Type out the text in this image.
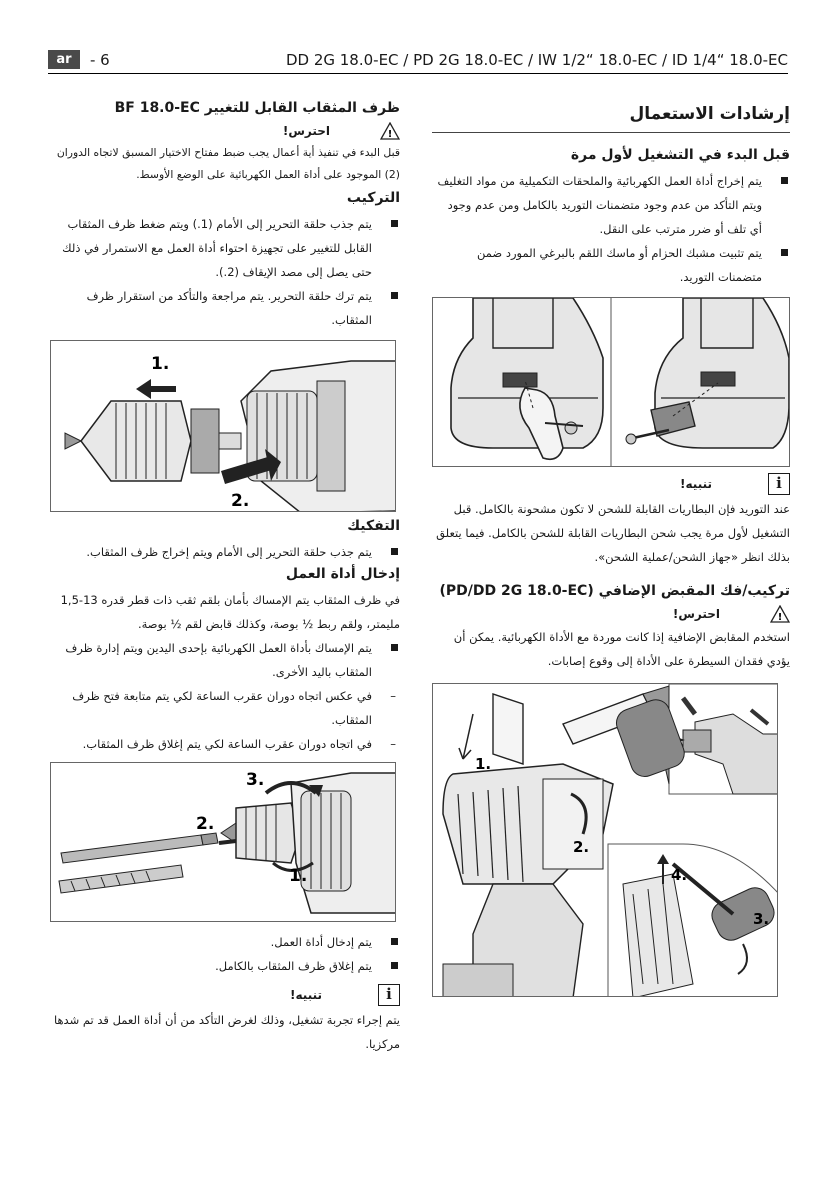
ar	- 6	DD 2G 18.0-EC / PD 2G 18.0-EC / IW 1/2“ 18.0-EC / ID 1/4“ 18.0-EC
إرشادات الاستعمال
قبل البدء في التشغيل لأول مرة
يتم إخراج أداة العمل الكهربائية والملحقات التكميلية من مواد التغليف ويتم التأكد من عدم وجود متضمنات التوريد بالكامل ومن عدم وجود أي تلف أو ضرر مترتب على النقل.
يتم تثبيت مشبك الحزام أو ماسك اللقم بالبرغي المورد ضمن متضمنات التوريد.
i
تنبيه!

عند التوريد فإن البطاريات القابلة للشحن لا تكون مشحونة بالكامل. قبل التشغيل لأول مرة يجب شحن البطاريات القابلة للشحن بالكامل. فيما يتعلق بذلك انظر «جهاز الشحن/عملية الشحن».

تركيب/فك المقبض الإضافي (PD/DD 2G 18.0-EC)
!
احترس!

استخدم المقابض الإضافية إذا كانت موردة مع الأداة الكهربائية. يمكن أن يؤدي فقدان السيطرة على الأداة إلى وقوع إصابات.

1.
2.
3.
4.
ظرف المثقاب القابل للتغيير BF 18.0-EC
!
احترس!

قبل البدء في تنفيذ أية أعمال يجب ضبط مفتاح الاختيار المسبق لاتجاه الدوران (2) الموجود على أداة العمل الكهربائية على الوضع الأوسط.

التركيب
يتم جذب حلقة التحرير إلى الأمام (1.) ويتم ضغط ظرف المثقاب القابل للتغيير على تجهيزة احتواء أداة العمل مع الاستمرار في ذلك حتى يصل إلى مصد الإيقاف (2.).
يتم ترك حلقة التحرير. يتم مراجعة والتأكد من استقرار ظرف المثقاب.
1.
2.
التفكيك
يتم جذب حلقة التحرير إلى الأمام ويتم إخراج ظرف المثقاب.
إدخال أداة العمل

في ظرف المثقاب يتم الإمساك بأمان بلقم ثقب ذات قطر قدره 13-1,5 مليمتر، ولقم ربط ½ بوصة، وكذلك قابض لقم ½ بوصة.

يتم الإمساك بأداة العمل الكهربائية بإحدى اليدين ويتم إدارة ظرف المثقاب باليد الأخرى.
– في عكس اتجاه دوران عقرب الساعة لكي يتم متابعة فتح ظرف المثقاب.
– في اتجاه دوران عقرب الساعة لكي يتم إغلاق ظرف المثقاب.
3.
2.
1.
يتم إدخال أداة العمل.
يتم إغلاق ظرف المثقاب بالكامل.
i
تنبيه!

يتم إجراء تجربة تشغيل، وذلك لغرض التأكد من أن أداة العمل قد تم شدها مركزيا.
